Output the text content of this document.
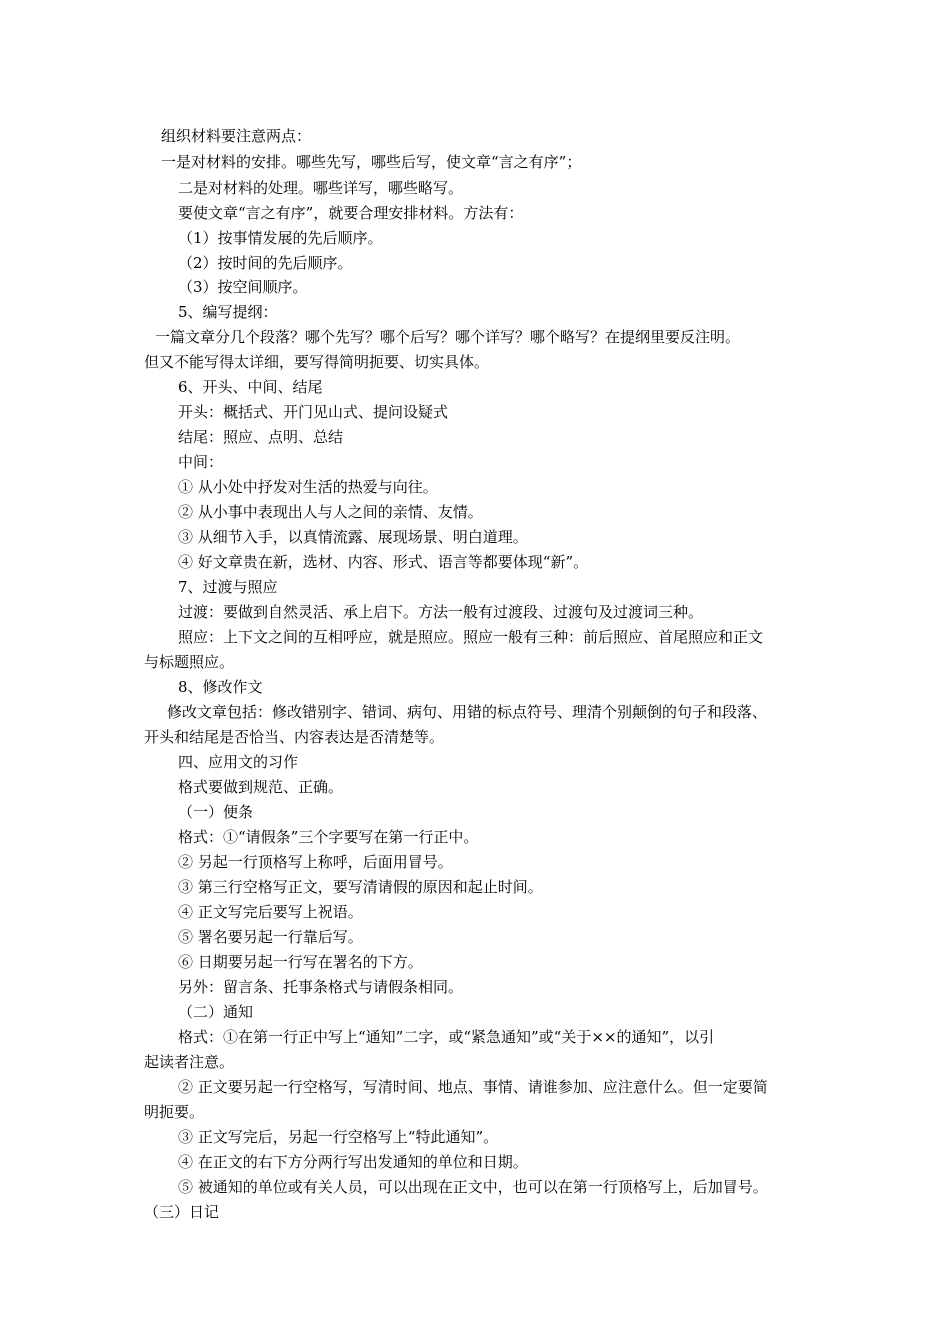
组织材料要注意两点：
一是对材料的安排。哪些先写，哪些后写，使文章“言之有序”；
二是对材料的处理。哪些详写，哪些略写。
要使文章“言之有序”，就要合理安排材料。方法有：
（1）按事情发展的先后顺序。
（2）按时间的先后顺序。
（3）按空间顺序。
5、编写提纲：
一篇文章分几个段落？哪个先写？哪个后写？哪个详写？哪个略写？在提纲里要反注明。
但又不能写得太详细，要写得简明扼要、切实具体。
6、开头、中间、结尾
开头：概括式、开门见山式、提问设疑式
结尾：照应、点明、总结
中间：
① 从小处中抒发对生活的热爱与向往。
② 从小事中表现出人与人之间的亲情、友情。
③ 从细节入手，以真情流露、展现场景、明白道理。
④ 好文章贵在新，选材、内容、形式、语言等都要体现“新”。
7、过渡与照应
过渡：要做到自然灵活、承上启下。方法一般有过渡段、过渡句及过渡词三种。
照应：上下文之间的互相呼应，就是照应。照应一般有三种：前后照应、首尾照应和正文
与标题照应。
8、修改作文
修改文章包括：修改错别字、错词、病句、用错的标点符号、理清个别颠倒的句子和段落、
开头和结尾是否恰当、内容表达是否清楚等。
四、应用文的习作
格式要做到规范、正确。
（一）便条
格式：①“请假条”三个字要写在第一行正中。
② 另起一行顶格写上称呼，后面用冒号。
③ 第三行空格写正文，要写清请假的原因和起止时间。
④ 正文写完后要写上祝语。
⑤ 署名要另起一行靠后写。
⑥ 日期要另起一行写在署名的下方。
另外：留言条、托事条格式与请假条相同。
（二）通知
格式：①在第一行正中写上“通知”二字，或“紧急通知”或“关于××的通知”，以引
起读者注意。
② 正文要另起一行空格写，写清时间、地点、事情、请谁参加、应注意什么。但一定要简
明扼要。
③ 正文写完后，另起一行空格写上“特此通知”。
④ 在正文的右下方分两行写出发通知的单位和日期。
⑤ 被通知的单位或有关人员，可以出现在正文中，也可以在第一行顶格写上，后加冒号。
（三）日记
